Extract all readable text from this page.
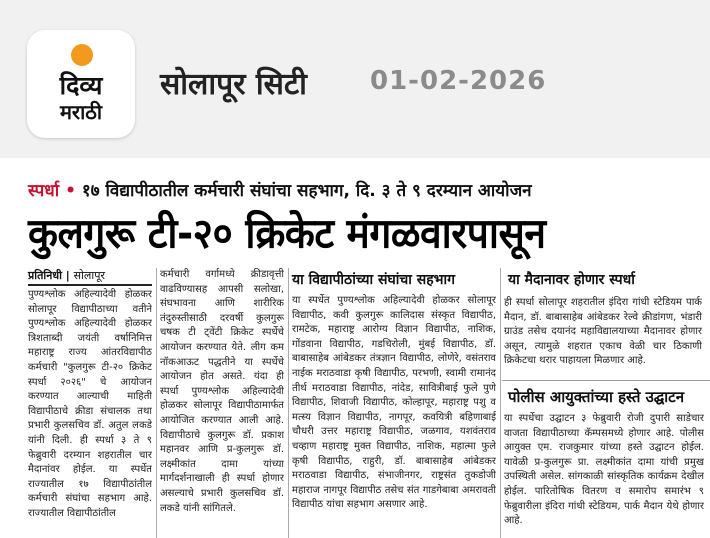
दिव्य
मराठी
सोलापूर सिटी 01-02-2026
स्पर्धा • १७ विद्यापीठातील कर्मचारी संघांचा सहभाग, दि. ३ ते ९ दरम्यान आयोजन
कुलगुरू टी-२० क्रिकेट मंगळवारपासून
प्रतिनिधी | सोलापूर
पुण्यश्लोक अहिल्यादेवी होळकर सोलापूर विद्यापीठाच्या वतीने पुण्यश्लोक अहिल्यादेवी होळकर त्रिशताब्दी जयंती वर्षानिमित्त महाराष्ट्र राज्य आंतरविद्यापीठ कर्मचारी "कुलगुरू टी-२० क्रिकेट स्पर्धा २०२६" चे आयोजन करण्यात आल्याची माहिती विद्यापीठाचे क्रीडा संचालक तथा प्रभारी कुलसचिव डॉ. अतुल लकडे यांनी दिली. ही स्पर्धा ३ ते ९ फेब्रुवारी दरम्यान शहरातील चार मैदानांवर होईल. या स्पर्धेत राज्यातील १७ विद्यापीठांतील कर्मचारी संघांचा सहभाग आहे. राज्यातील विद्यापीठांतील
कर्मचारी वर्गामध्ये क्रीडावृत्ती वाढविण्यासह आपसी सलोखा, संघभावना आणि शारीरिक तंदुरुस्तीसाठी दरवर्षी कुलगुरू चषक टी ट्वेंटी क्रिकेट स्पर्धेचे आयोजन करण्यात येते. लीग कम नॉकआऊट पद्धतीने या स्पर्धेचे आयोजन होत असते. यंदा ही स्पर्धा पुण्यश्लोक अहिल्यादेवी होळकर सोलापूर विद्यापीठामार्फत आयोजित करण्यात आली आहे. विद्यापीठाचे कुलगुरू डॉ. प्रकाश महानवर आणि प्र-कुलगुरू डॉ. लक्ष्मीकांत दामा यांच्या मार्गदर्शनाखाली ही स्पर्धा होणार असल्याचे प्रभारी कुलसचिव डॉ. लकडे यांनी सांगितले.
या विद्यापीठांच्या संघांचा सहभाग
या स्पर्धेत पुण्यश्लोक अहिल्यादेवी होळकर सोलापूर विद्यापीठ, कवी कुलगुरू कालिदास संस्कृत विद्यापीठ, रामटेक, महाराष्ट्र आरोग्य विज्ञान विद्यापीठ, नाशिक, गोंडवाना विद्यापीठ, गडचिरोली, मुंबई विद्यापीठ, डॉ. बाबासाहेब आंबेडकर तंत्रज्ञान विद्यापीठ, लोणेरे, वसंतराव नाईक मराठवाडा कृषी विद्यापीठ, परभणी, स्वामी रामानंद तीर्थ मराठवाडा विद्यापीठ, नांदेड, सावित्रीबाई फुले पुणे विद्यापीठ, शिवाजी विद्यापीठ, कोल्हापूर, महाराष्ट्र पशु व मत्स्य विज्ञान विद्यापीठ, नागपूर, कवयित्री बहिणाबाई चौधरी उत्तर महाराष्ट्र विद्यापीठ, जळगाव, यशवंतराव चव्हाण महाराष्ट्र मुक्त विद्यापीठ, नाशिक, महात्मा फुले कृषी विद्यापीठ, राहुरी, डॉ. बाबासाहेब आंबेडकर मराठवाडा विद्यापीठ, संभाजीनगर, राष्ट्रसंत तुकडोजी महाराज नागपूर विद्यापीठ तसेच संत गाडगेबाबा अमरावती विद्यापीठ यांचा सहभाग असणार आहे.
या मैदानावर होणार स्पर्धा
ही स्पर्धा सोलापूर शहरातील इंदिरा गांधी स्टेडियम पार्क मैदान, डॉ. बाबासाहेब आंबेडकर रेल्वे क्रीडांगण, भंडारी ग्राउंड तसेच दयानंद महाविद्यालयाच्या मैदानावर होणार असून, त्यामुळे शहरात एकाच वेळी चार ठिकाणी क्रिकेटचा थरार पाहायला मिळणार आहे.
पोलीस आयुक्तांच्या हस्ते उद्घाटन
या स्पर्धेचा उद्घाटन ३ फेब्रुवारी रोजी दुपारी साडेचार वाजता विद्यापीठाच्या कॅम्पसमध्ये होणार आहे. पोलीस आयुक्त एम. राजकुमार यांच्या हस्ते उद्घाटन होईल. यावेळी प्र-कुलगुरू प्रा. लक्ष्मीकांत दामा यांची प्रमुख उपस्थिती असेल. सांगकाळी सांस्कृतिक कार्यक्रम देखील होईल. पारितोषिक वितरण व समारोप समारंभ ९ फेब्रुवारीला इंदिरा गांधी स्टेडियम, पार्क मैदान येथे होणार आहे.
